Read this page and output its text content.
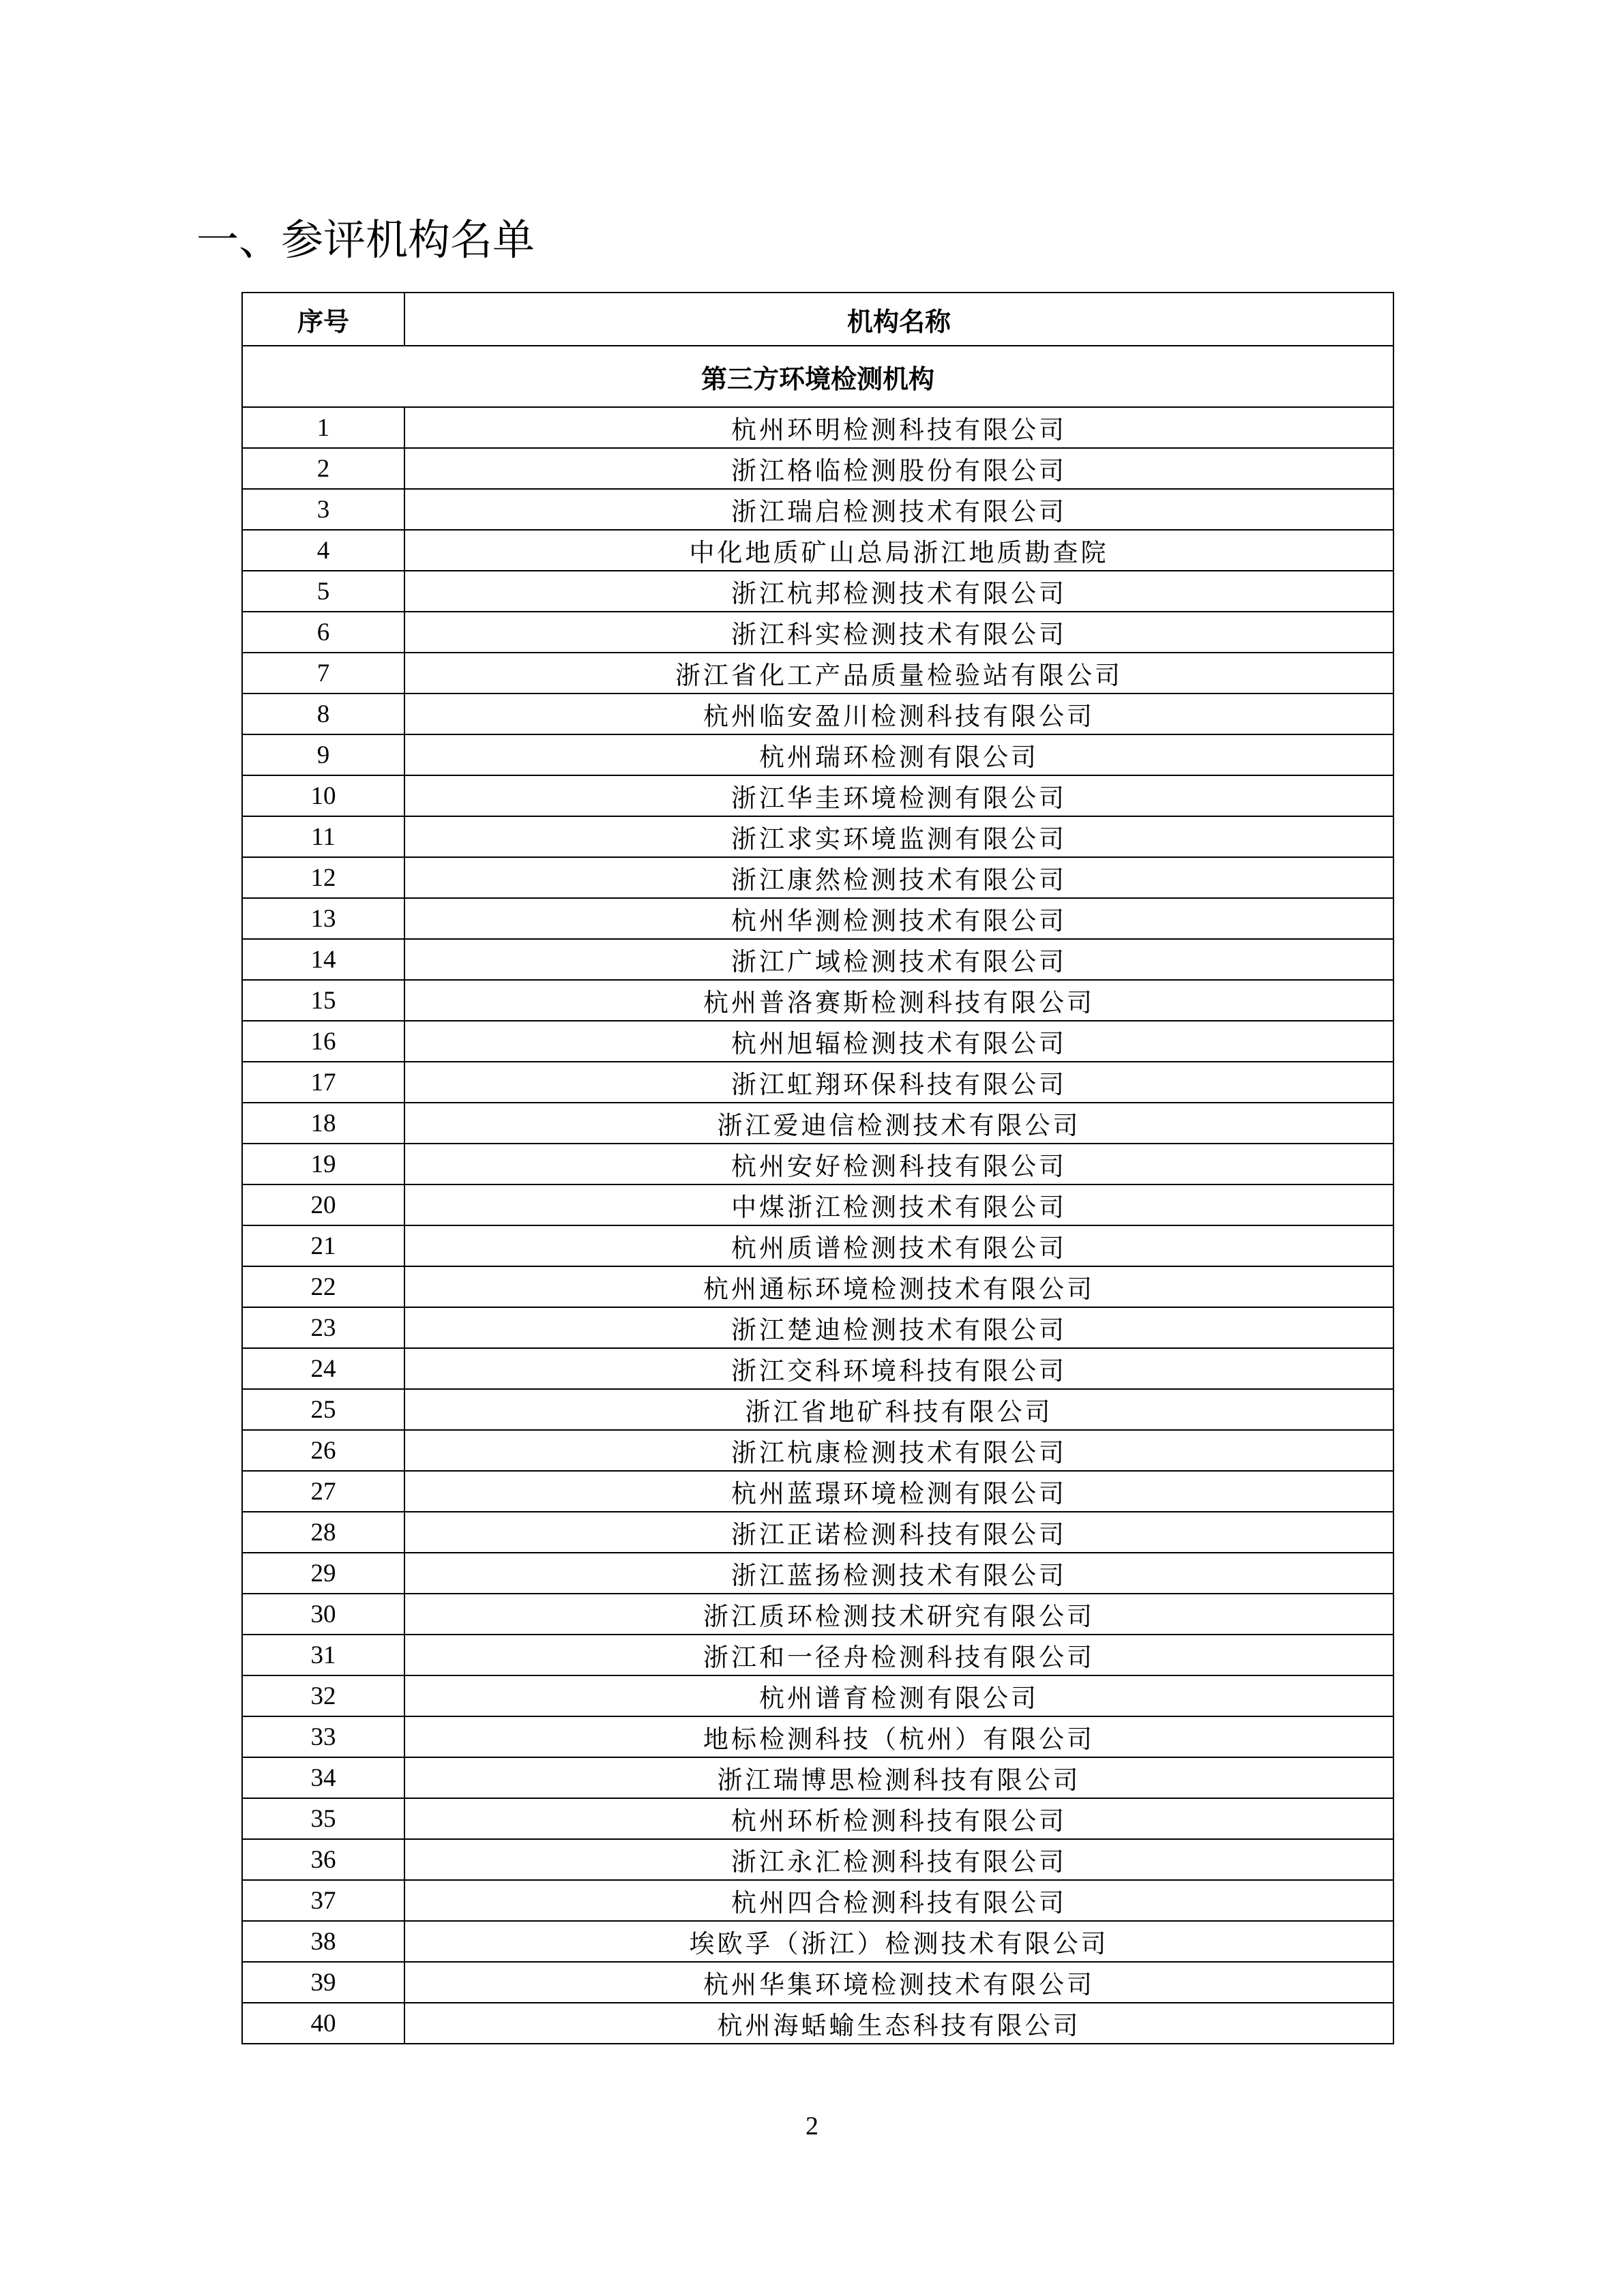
一、参评机构名单
序号	机构名称
第三方环境检测机构	
1	杭州环明检测科技有限公司
2	浙江格临检测股份有限公司
3	浙江瑞启检测技术有限公司
4	中化地质矿山总局浙江地质勘查院
5	浙江杭邦检测技术有限公司
6	浙江科实检测技术有限公司
7	浙江省化工产品质量检验站有限公司
8	杭州临安盈川检测科技有限公司
9	杭州瑞环检测有限公司
10	浙江华圭环境检测有限公司
11	浙江求实环境监测有限公司
12	浙江康然检测技术有限公司
13	杭州华测检测技术有限公司
14	浙江广域检测技术有限公司
15	杭州普洛赛斯检测科技有限公司
16	杭州旭辐检测技术有限公司
17	浙江虹翔环保科技有限公司
18	浙江爱迪信检测技术有限公司
19	杭州安好检测科技有限公司
20	中煤浙江检测技术有限公司
21	杭州质谱检测技术有限公司
22	杭州通标环境检测技术有限公司
23	浙江楚迪检测技术有限公司
24	浙江交科环境科技有限公司
25	浙江省地矿科技有限公司
26	浙江杭康检测技术有限公司
27	杭州蓝璟环境检测有限公司
28	浙江正诺检测科技有限公司
29	浙江蓝扬检测技术有限公司
30	浙江质环检测技术研究有限公司
31	浙江和一径舟检测科技有限公司
32	杭州谱育检测有限公司
33	地标检测科技（杭州）有限公司
34	浙江瑞博思检测科技有限公司
35	杭州环析检测科技有限公司
36	浙江永汇检测科技有限公司
37	杭州四合检测科技有限公司
38	埃欧孚（浙江）检测技术有限公司
39	杭州华集环境检测技术有限公司
40	杭州海蛞蝓生态科技有限公司
2
